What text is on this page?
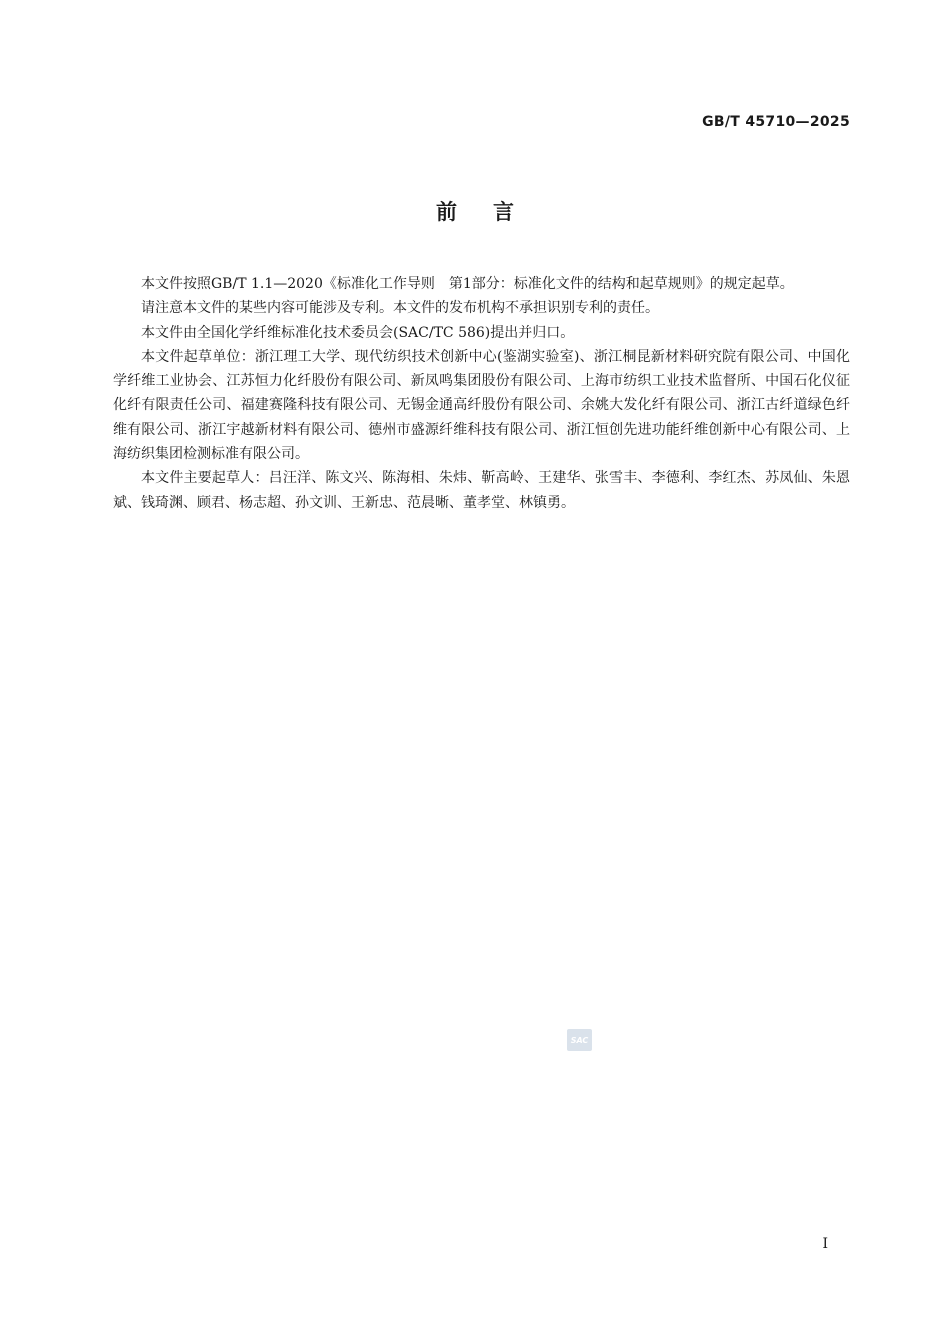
GB/T 45710—2025
前言

本文件按照GB/T 1.1—2020《标准化工作导则　第1部分：标准化文件的结构和起草规则》的规定起草。

请注意本文件的某些内容可能涉及专利。本文件的发布机构不承担识别专利的责任。

本文件由全国化学纤维标准化技术委员会(SAC/TC 586)提出并归口。

本文件起草单位：浙江理工大学、现代纺织技术创新中心(鉴湖实验室)、浙江桐昆新材料研究院有限公司、中国化学纤维工业协会、江苏恒力化纤股份有限公司、新凤鸣集团股份有限公司、上海市纺织工业技术监督所、中国石化仪征化纤有限责任公司、福建赛隆科技有限公司、无锡金通高纤股份有限公司、余姚大发化纤有限公司、浙江古纤道绿色纤维有限公司、浙江宇越新材料有限公司、德州市盛源纤维科技有限公司、浙江恒创先进功能纤维创新中心有限公司、上海纺织集团检测标准有限公司。

本文件主要起草人：吕汪洋、陈文兴、陈海相、朱炜、靳高岭、王建华、张雪丰、李德利、李红杰、苏凤仙、朱恩斌、钱琦渊、顾君、杨志超、孙文训、王新忠、范晨晰、董孝堂、林镇勇。

SAC
I
